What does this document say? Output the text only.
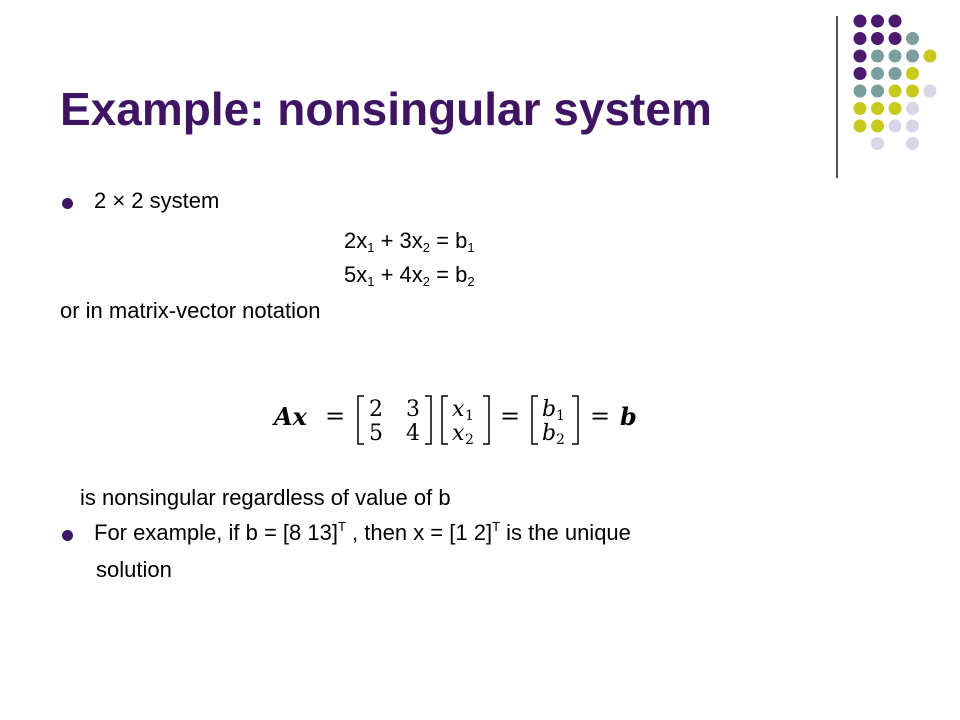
Example: nonsingular system
2 × 2 system
$2x_1 + 3x_2 = b_1$
$5x_1 + 4x_2 = b_2$
or in matrix-vector notation
Ax = 2 3
5 4
x 1
x 2
= b 1
b 2
= b
is nonsingular regardless of value of b
For example, if b = [8 13]$^T$ , then x = [1 2]$^T$ is the unique
solution
